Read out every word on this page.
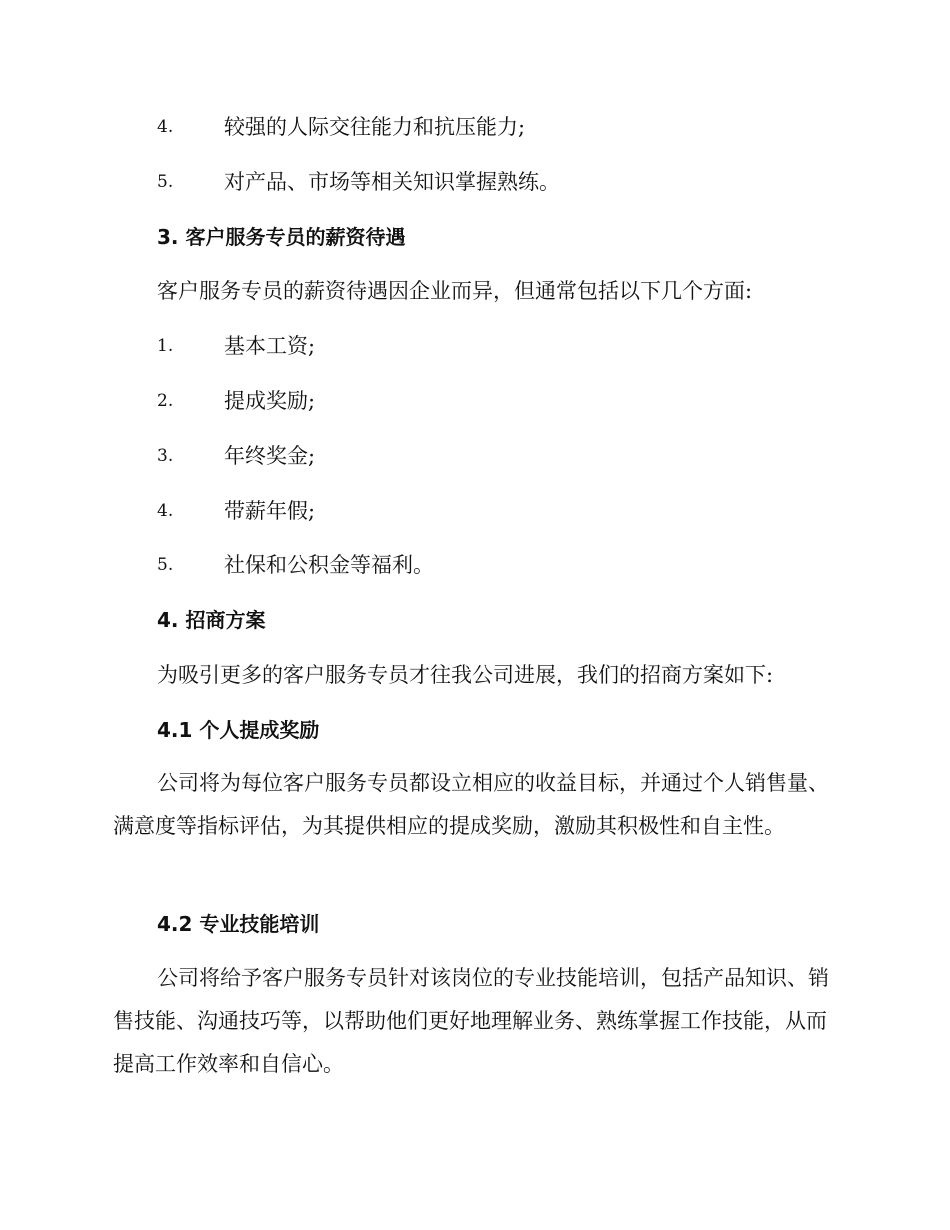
4. 较强的人际交往能力和抗压能力;
5. 对产品、市场等相关知识掌握熟练。
3. 客户服务专员的薪资待遇
客户服务专员的薪资待遇因企业而异，但通常包括以下几个方面:
1. 基本工资;
2. 提成奖励;
3. 年终奖金;
4. 带薪年假;
5. 社保和公积金等福利。
4. 招商方案
为吸引更多的客户服务专员才往我公司进展，我们的招商方案如下:
4.1 个人提成奖励
公司将为每位客户服务专员都设立相应的收益目标，并通过个人销售量、满意度等指标评估，为其提供相应的提成奖励，激励其积极性和自主性。
4.2 专业技能培训
公司将给予客户服务专员针对该岗位的专业技能培训，包括产品知识、销售技能、沟通技巧等，以帮助他们更好地理解业务、熟练掌握工作技能，从而提高工作效率和自信心。
